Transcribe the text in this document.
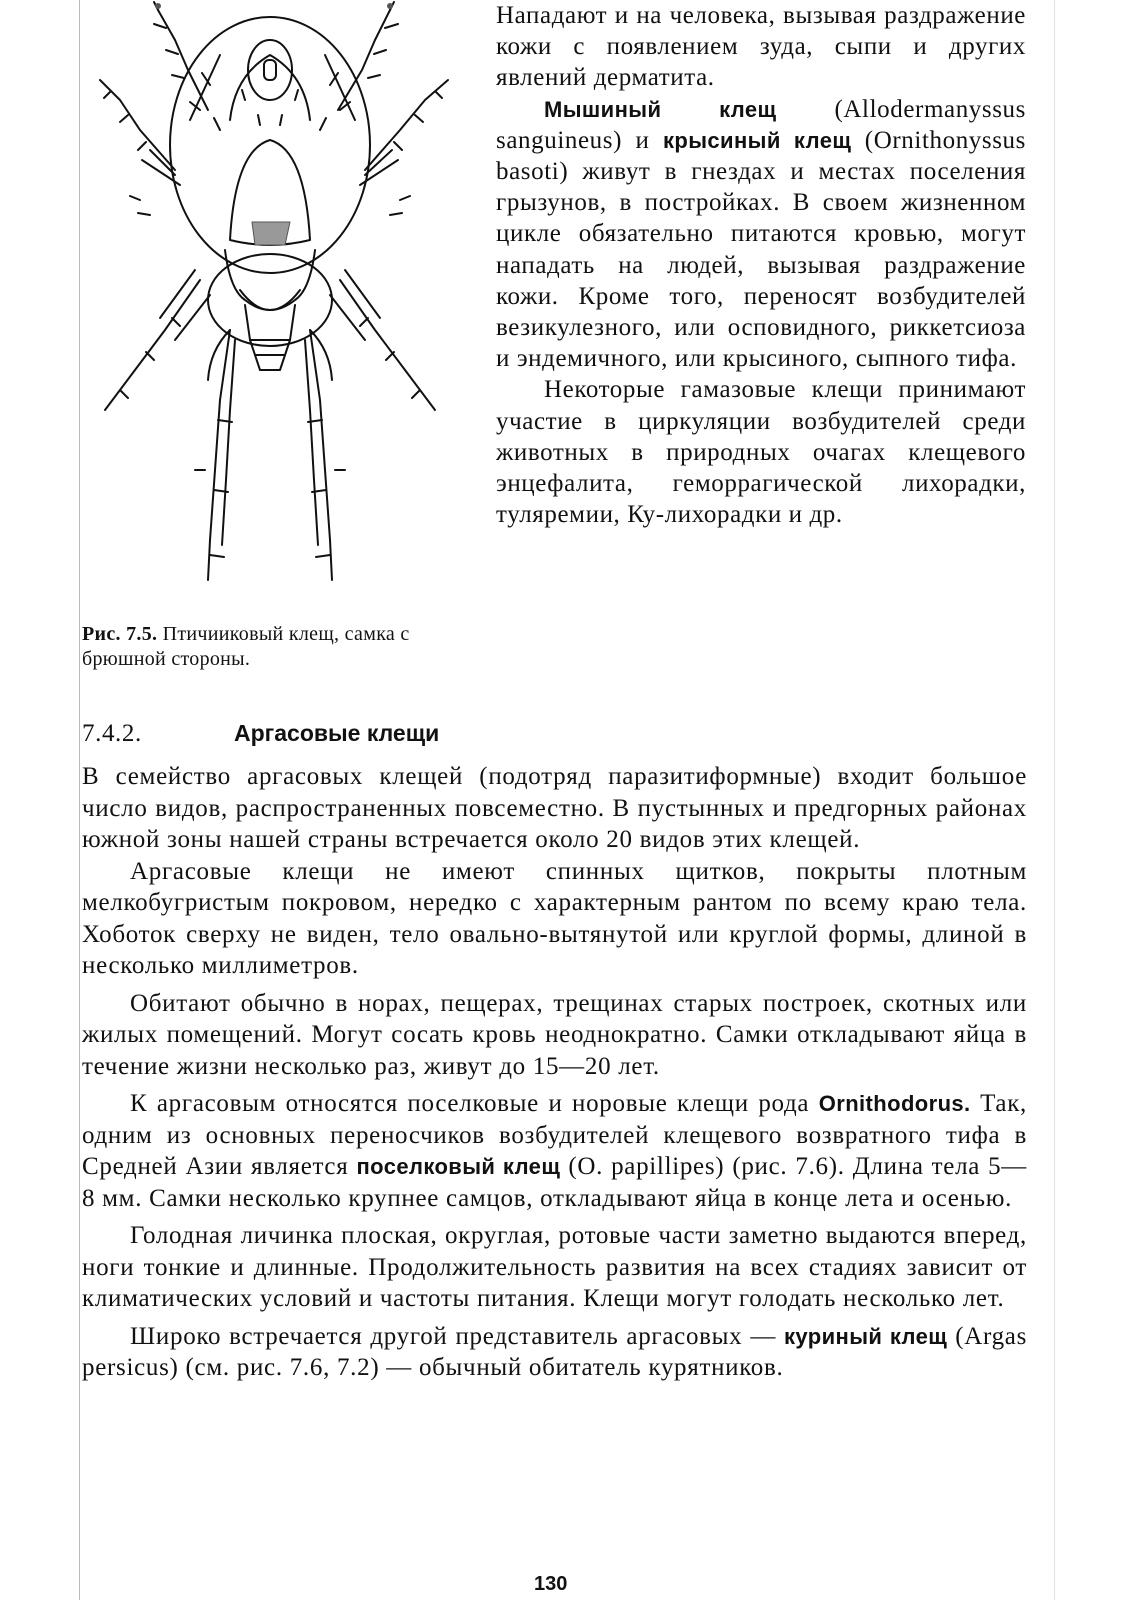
Рис. 7.5. Птичииковый клещ, самка с брюшной стороны.

Нападают и на человека, вызывая раздражение кожи с появлением зуда, сыпи и других явлений дерматита.

Мышиный клещ (Allodermanyssus sanguineus) и крысиный клещ (Ornithonyssus basoti) живут в гнездах и местах поселения грызунов, в постройках. В своем жизненном цикле обязательно питаются кровью, могут нападать на людей, вызывая раздражение кожи. Кроме того, переносят возбудителей везикулезного, или осповидного, риккетсиоза и эндемичного, или крысиного, сыпного тифа.

Некоторые гамазовые клещи принимают участие в циркуляции возбудителей среди животных в природных очагах клещевого энцефалита, геморрагической лихорадки, туляремии, Ку-лихорадки и др.

7.4.2.	Аргасовые клещи

В семейство аргасовых клещей (подотряд паразитиформные) входит большое число видов, распространенных повсеместно. В пустынных и предгорных районах южной зоны нашей страны встречается около 20 видов этих клещей.

Аргасовые клещи не имеют спинных щитков, покрыты плотным мелкобугристым покровом, нередко с характерным рантом по всему краю тела. Хоботок сверху не виден, тело овально-вытянутой или круглой формы, длиной в несколько миллиметров.

Обитают обычно в норах, пещерах, трещинах старых построек, скотных или жилых помещений. Могут сосать кровь неоднократно. Самки откладывают яйца в течение жизни несколько раз, живут до 15—20 лет.

К аргасовым относятся поселковые и норовые клещи рода Ornithodorus. Так, одним из основных переносчиков возбудителей клещевого возвратного тифа в Средней Азии является поселковый клещ (O. papillipes) (рис. 7.6). Длина тела 5—8 мм. Самки несколько крупнее самцов, откладывают яйца в конце лета и осенью.

Голодная личинка плоская, округлая, ротовые части заметно выдаются вперед, ноги тонкие и длинные. Продолжительность развития на всех стадиях зависит от климатических условий и частоты питания. Клещи могут голодать несколько лет.

Широко встречается другой представитель аргасовых — куриный клещ (Argas persicus) (см. рис. 7.6, 7.2) — обычный обитатель курятников.

130
